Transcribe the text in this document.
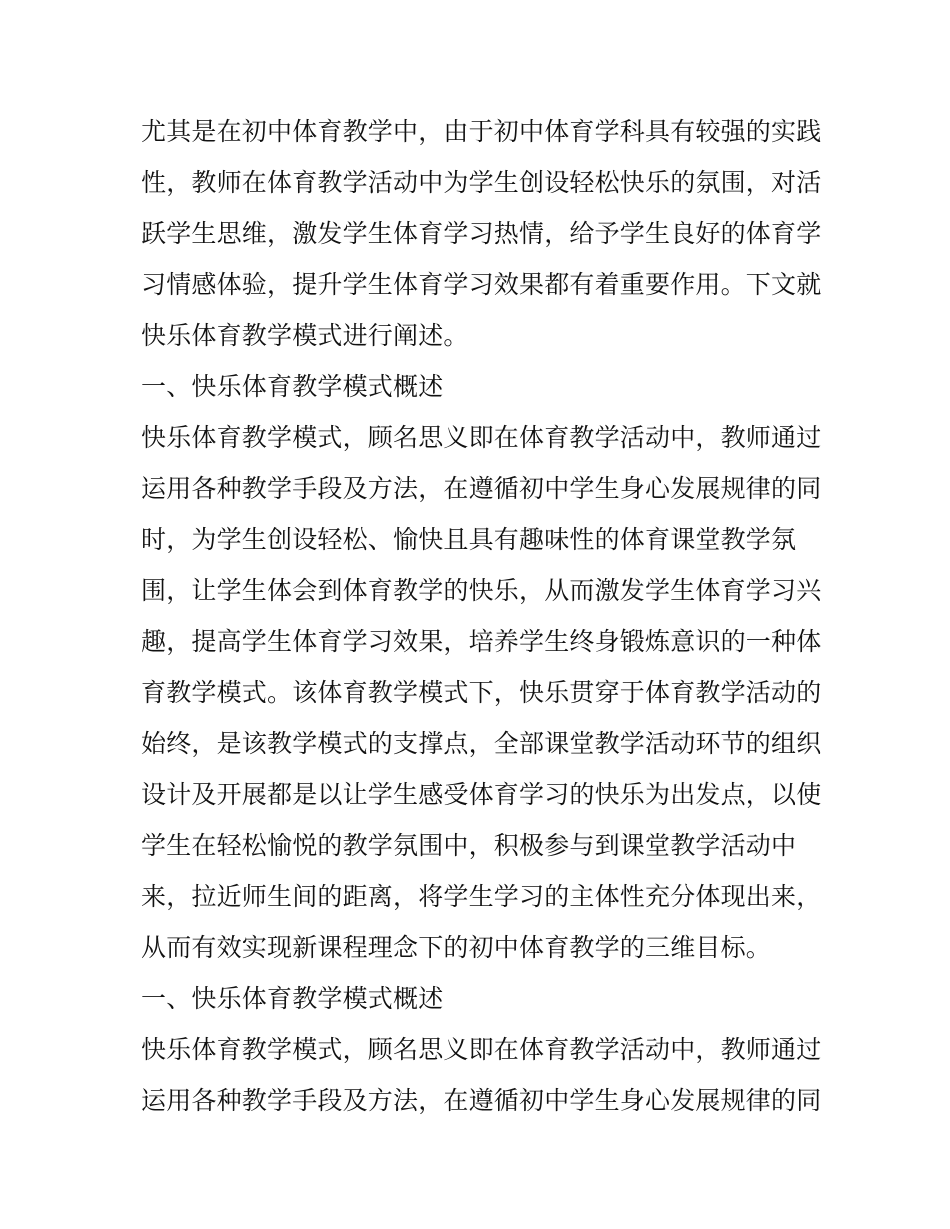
尤其是在初中体育教学中，由于初中体育学科具有较强的实践
性，教师在体育教学活动中为学生创设轻松快乐的氛围，对活
跃学生思维，激发学生体育学习热情，给予学生良好的体育学
习情感体验，提升学生体育学习效果都有着重要作用。下文就
快乐体育教学模式进行阐述。
一、快乐体育教学模式概述
快乐体育教学模式，顾名思义即在体育教学活动中，教师通过
运用各种教学手段及方法，在遵循初中学生身心发展规律的同
时，为学生创设轻松、愉快且具有趣味性的体育课堂教学氛
围，让学生体会到体育教学的快乐，从而激发学生体育学习兴
趣，提高学生体育学习效果，培养学生终身锻炼意识的一种体
育教学模式。该体育教学模式下，快乐贯穿于体育教学活动的
始终，是该教学模式的支撑点，全部课堂教学活动环节的组织
设计及开展都是以让学生感受体育学习的快乐为出发点，以使
学生在轻松愉悦的教学氛围中，积极参与到课堂教学活动中
来，拉近师生间的距离，将学生学习的主体性充分体现出来，
从而有效实现新课程理念下的初中体育教学的三维目标。
一、快乐体育教学模式概述
快乐体育教学模式，顾名思义即在体育教学活动中，教师通过
运用各种教学手段及方法，在遵循初中学生身心发展规律的同
